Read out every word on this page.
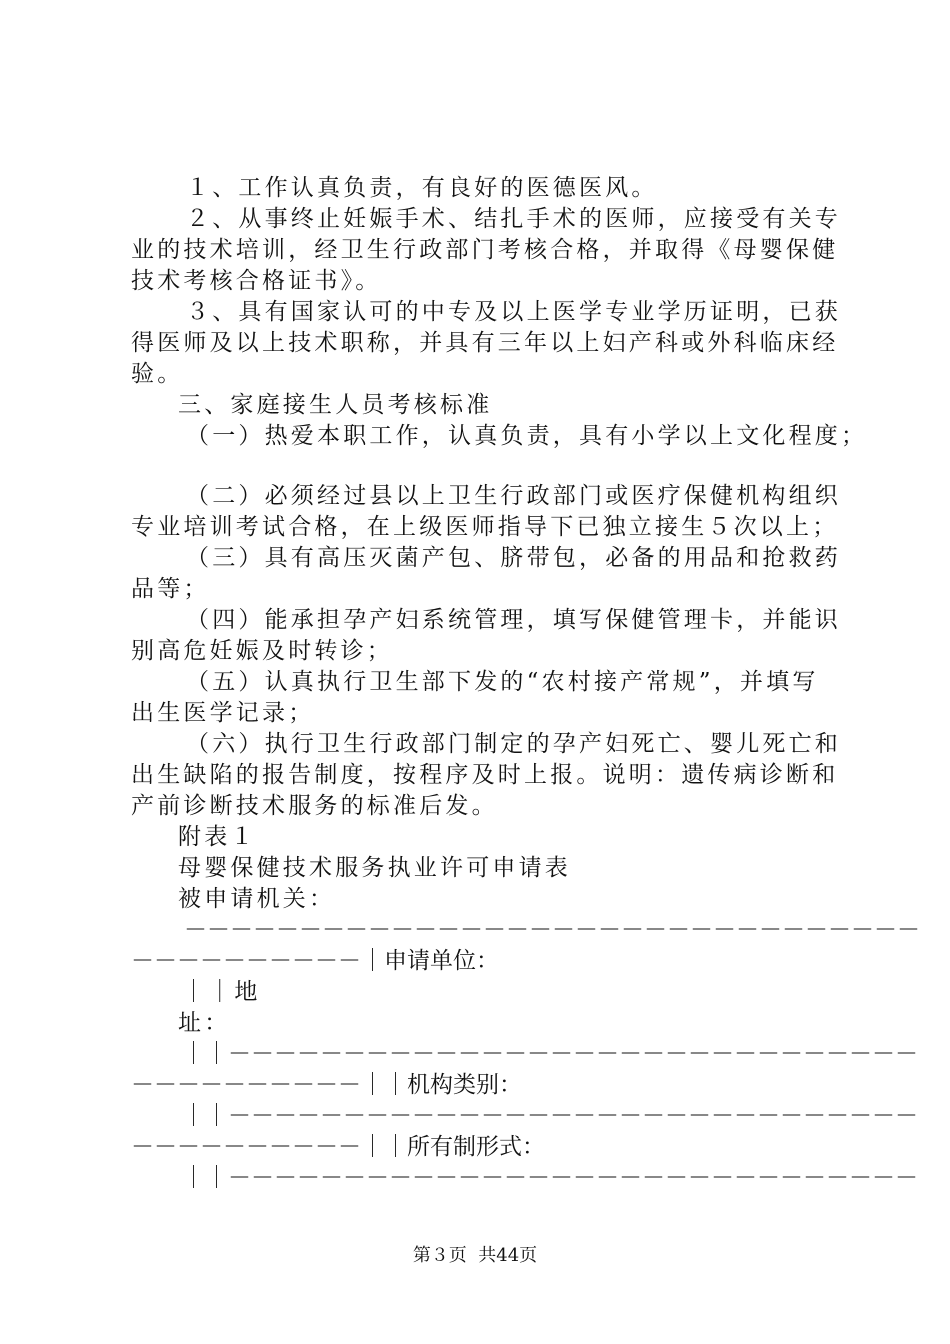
１、工作认真负责，有良好的医德医风。
２、从事终止妊娠手术、结扎手术的医师，应接受有关专
业的技术培训，经卫生行政部门考核合格，并取得《母婴保健
技术考核合格证书》。
３、具有国家认可的中专及以上医学专业学历证明，已获
得医师及以上技术职称，并具有三年以上妇产科或外科临床经
验。
三、家庭接生人员考核标准
（一）热爱本职工作，认真负责，具有小学以上文化程度；
（二）必须经过县以上卫生行政部门或医疗保健机构组织
专业培训考试合格，在上级医师指导下已独立接生５次以上；
（三）具有高压灭菌产包、脐带包，必备的用品和抢救药
品等；
（四）能承担孕产妇系统管理，填写保健管理卡，并能识
别高危妊娠及时转诊；
（五）认真执行卫生部下发的“农村接产常规”，并填写
出生医学记录；
（六）执行卫生行政部门制定的孕产妇死亡、婴儿死亡和
出生缺陷的报告制度，按程序及时上报。说明：遗传病诊断和
产前诊断技术服务的标准后发。
附表１
母婴保健技术服务执业许可申请表
被申请机关：
－－－－－－－－－－－－－－－－－－－－－－－－－－－－－－－－
－－－－－－－－－－｜申请单位：
｜｜地
址：
｜｜－－－－－－－－－－－－－－－－－－－－－－－－－－－－－－
－－－－－－－－－－｜｜机构类别：
｜｜－－－－－－－－－－－－－－－－－－－－－－－－－－－－－－
－－－－－－－－－－｜｜所有制形式：
｜｜－－－－－－－－－－－－－－－－－－－－－－－－－－－－－－
第３页  共44页
